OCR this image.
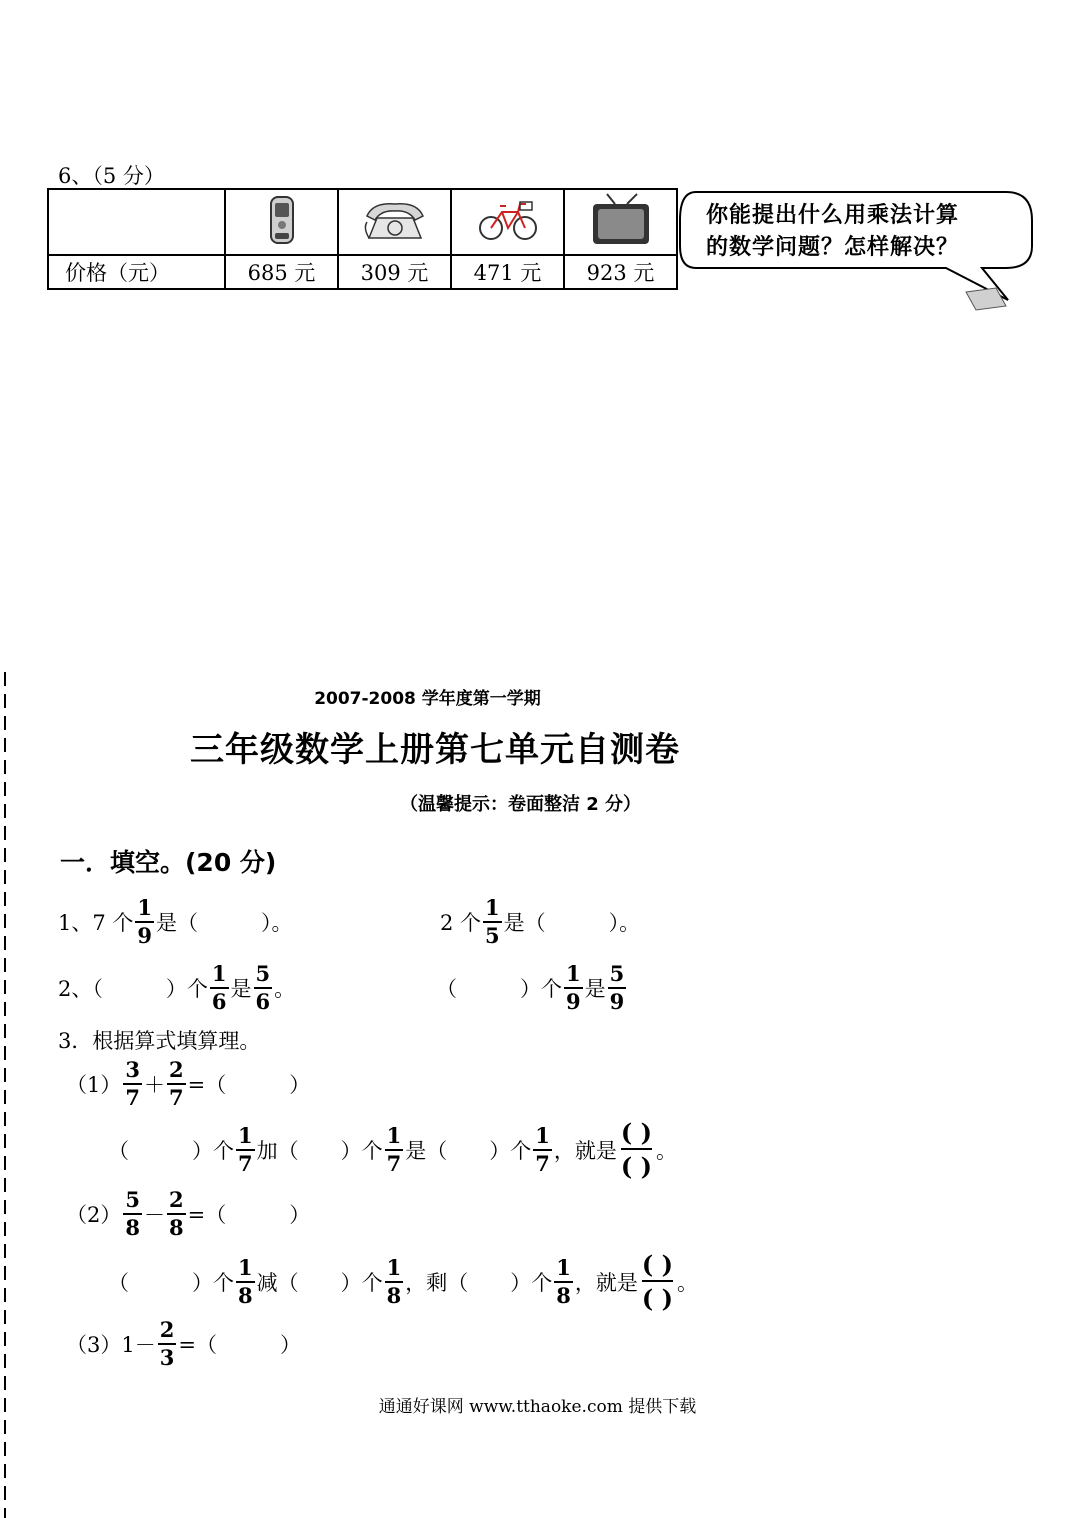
6、（5 分）

价格（元）	685 元	309 元	471 元	923 元
你能提出什么用乘法计算
的数学问题？怎样解决？
2007-2008 学年度第一学期
三年级数学上册第七单元自测卷
（温馨提示：卷面整洁 2 分）
一．填空。(20 分)
1、7 个 $\frac{1}{9}$ 是（　　　）。	2 个 $\frac{1}{5}$ 是（　　　）。
2、（　　　）个 $\frac{1}{6}$ 是 $\frac{5}{6}$ 。	（　　　）个 $\frac{1}{9}$ 是 $\frac{5}{9}$
3．根据算式填算理。
$(1) \frac{3}{7} + \frac{2}{7}$ =（　　　）
（　　　）个 $\frac{1}{7}$ 加（　　）个 $\frac{1}{7}$ 是（　　）个 $\frac{1}{7}$ ，就是
( )
( )
。
$(2) \frac{5}{8} - \frac{2}{8}$ =（　　　）
（　　　）个 $\frac{1}{8}$ 减（　　）个 $\frac{1}{8}$ ，剩（　　）个 $\frac{1}{8}$ ，就是
( )
( )
。
$(3)1- \frac{2}{3}$ =（　　　）
通通好课网 www.tthaoke.com 提供下载
